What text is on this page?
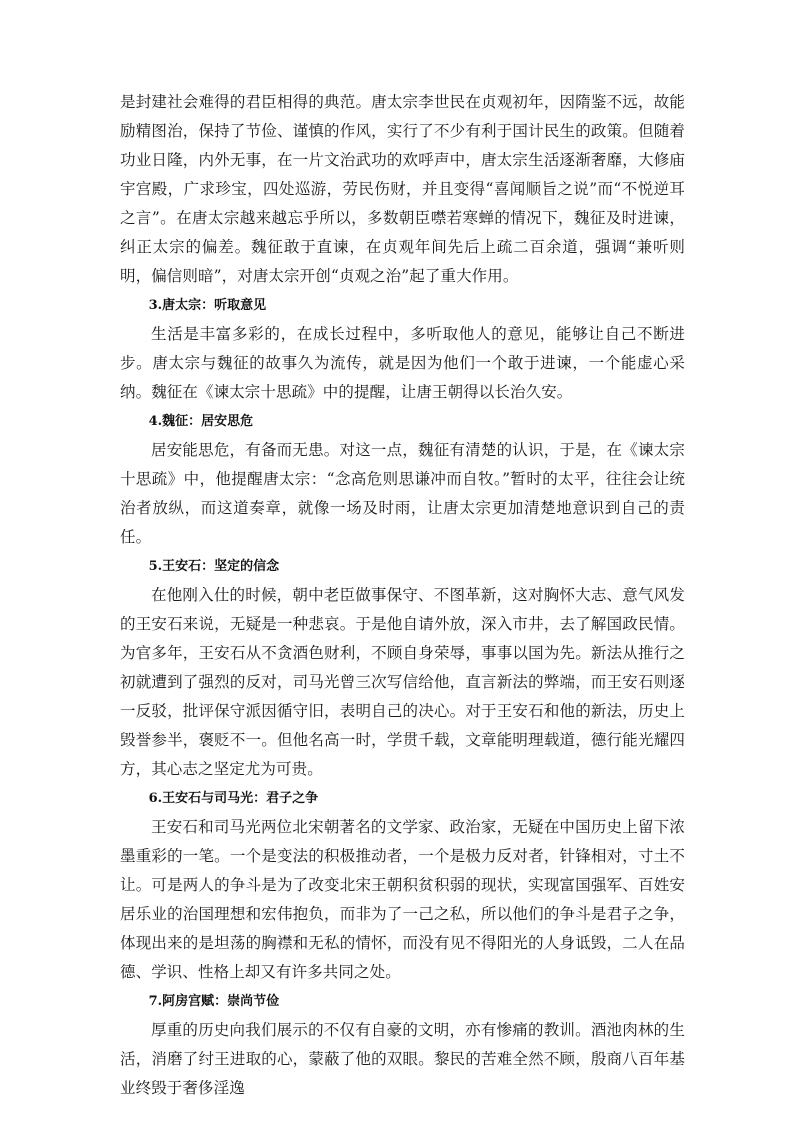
是封建社会难得的君臣相得的典范。唐太宗李世民在贞观初年，因隋鉴不远，故能励精图治，保持了节俭、谨慎的作风，实行了不少有利于国计民生的政策。但随着功业日隆，内外无事，在一片文治武功的欢呼声中，唐太宗生活逐渐奢靡，大修庙宇宫殿，广求珍宝，四处巡游，劳民伤财，并且变得“喜闻顺旨之说”而“不悦逆耳之言”。在唐太宗越来越忘乎所以，多数朝臣噤若寒蝉的情况下，魏征及时进谏，纠正太宗的偏差。魏征敢于直谏，在贞观年间先后上疏二百余道，强调“兼听则明，偏信则暗”，对唐太宗开创“贞观之治”起了重大作用。

3.唐太宗：听取意见

生活是丰富多彩的，在成长过程中，多听取他人的意见，能够让自己不断进步。唐太宗与魏征的故事久为流传，就是因为他们一个敢于进谏，一个能虚心采纳。魏征在《谏太宗十思疏》中的提醒，让唐王朝得以长治久安。

4.魏征：居安思危

居安能思危，有备而无患。对这一点，魏征有清楚的认识，于是，在《谏太宗十思疏》中，他提醒唐太宗：“念高危则思谦冲而自牧。”暂时的太平，往往会让统治者放纵，而这道奏章，就像一场及时雨，让唐太宗更加清楚地意识到自己的责任。

5.王安石：坚定的信念

在他刚入仕的时候，朝中老臣做事保守、不图革新，这对胸怀大志、意气风发的王安石来说，无疑是一种悲哀。于是他自请外放，深入市井，去了解国政民情。为官多年，王安石从不贪酒色财利，不顾自身荣辱，事事以国为先。新法从推行之初就遭到了强烈的反对，司马光曾三次写信给他，直言新法的弊端，而王安石则逐一反驳，批评保守派因循守旧，表明自己的决心。对于王安石和他的新法，历史上毁誉参半，褒贬不一。但他名高一时，学贯千载，文章能明理载道，德行能光耀四方，其心志之坚定尤为可贵。

6.王安石与司马光：君子之争

王安石和司马光两位北宋朝著名的文学家、政治家，无疑在中国历史上留下浓墨重彩的一笔。一个是变法的积极推动者，一个是极力反对者，针锋相对，寸土不让。可是两人的争斗是为了改变北宋王朝积贫积弱的现状，实现富国强军、百姓安居乐业的治国理想和宏伟抱负，而非为了一己之私，所以他们的争斗是君子之争，体现出来的是坦荡的胸襟和无私的情怀，而没有见不得阳光的人身诋毁，二人在品德、学识、性格上却又有许多共同之处。

7.阿房宫赋：崇尚节俭

厚重的历史向我们展示的不仅有自豪的文明，亦有惨痛的教训。酒池肉林的生活，消磨了纣王进取的心，蒙蔽了他的双眼。黎民的苦难全然不顾，殷商八百年基业终毁于奢侈淫逸
